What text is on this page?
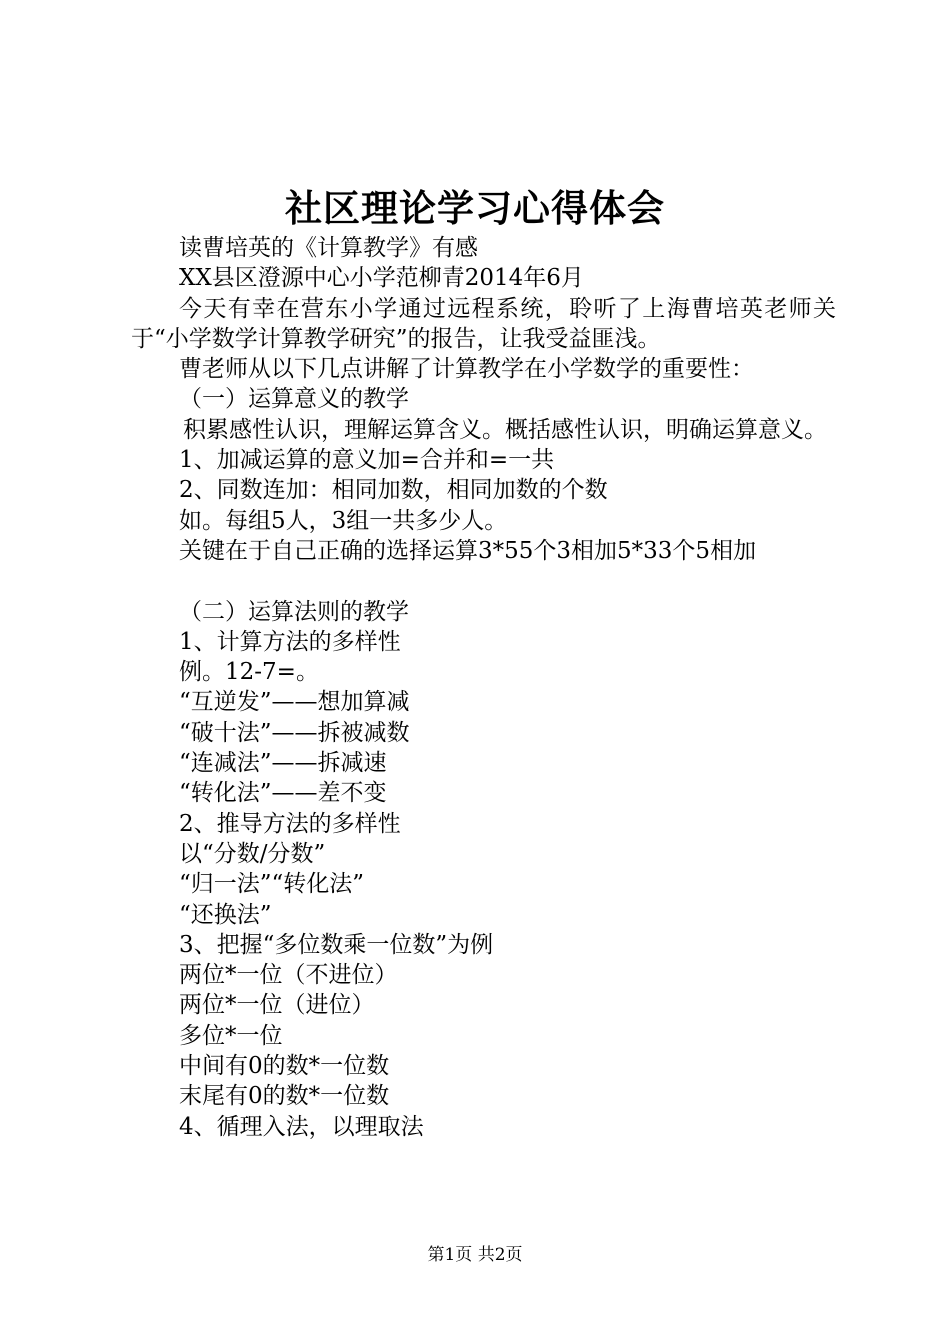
社区理论学习心得体会
读曹培英的《计算教学》有感
XX县区澄源中心小学范柳青2014年6月
今天有幸在营东小学通过远程系统，聆听了上海曹培英老师关于“小学数学计算教学研究”的报告，让我受益匪浅。
曹老师从以下几点讲解了计算教学在小学数学的重要性：
（一）运算意义的教学
积累感性认识，理解运算含义。概括感性认识，明确运算意义。
1、加减运算的意义加=合并和=一共
2、同数连加：相同加数，相同加数的个数
如。每组5人，3组一共多少人。
关键在于自己正确的选择运算3*55个3相加5*33个5相加
（二）运算法则的教学
1、计算方法的多样性
例。12-7=。
“互逆发”——想加算减
“破十法”——拆被减数
“连减法”——拆减速
“转化法”——差不变
2、推导方法的多样性
以“分数/分数”
“归一法”“转化法”
“还换法”
3、把握“多位数乘一位数”为例
两位*一位（不进位）
两位*一位（进位）
多位*一位
中间有0的数*一位数
末尾有0的数*一位数
4、循理入法，以理取法
第1页 共2页
